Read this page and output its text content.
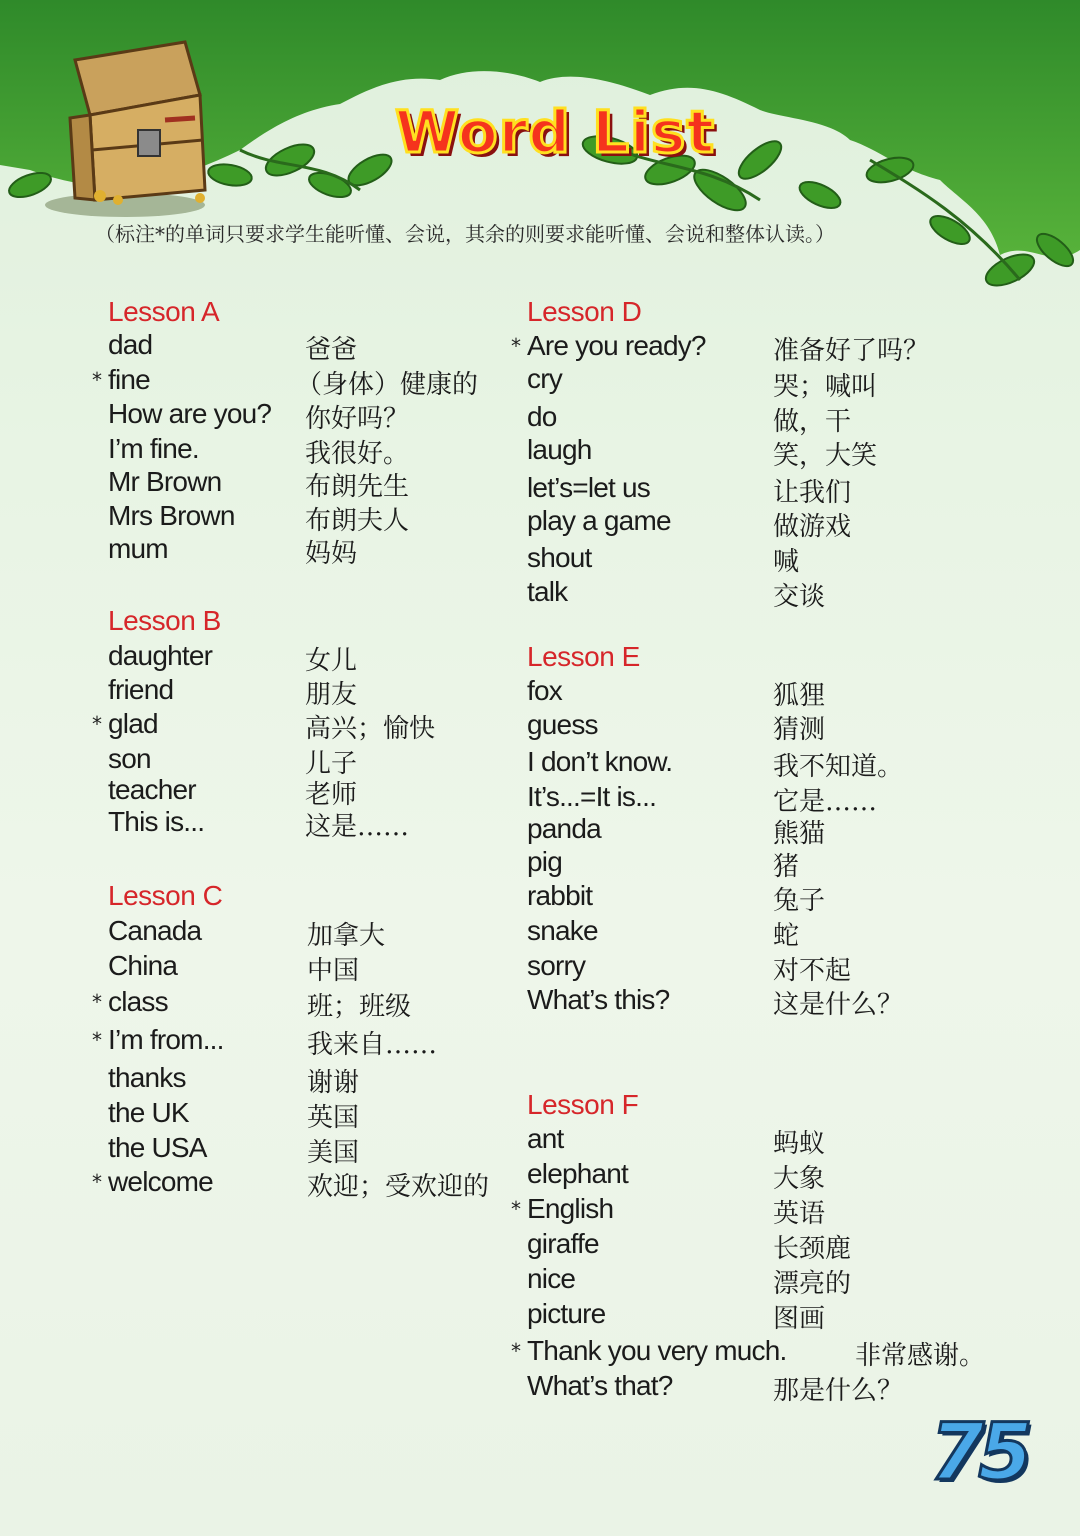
Word List
（标注*的单词只要求学生能听懂、会说，其余的则要求能听懂、会说和整体认读。）
Lesson A
dad	爸爸
* fine	（身体）健康的
How are you? 你好吗？
I’m fine.	我很好。
Mr Brown	布朗先生
Mrs Brown	布朗夫人
mum	妈妈
Lesson B
daughter	女儿
friend	朋友
* glad	高兴；愉快
son	儿子
teacher	老师
This is...	这是……
Lesson C
Canada	加拿大
China	中国
* class	班；班级
* I’m from...	我来自……
thanks	谢谢
the UK	英国
the USA	美国
* welcome	欢迎；受欢迎的
Lesson D
* Are you ready?	准备好了吗？
cry	哭；喊叫
do	做，干
laugh	笑，大笑
let’s=let us	让我们
play a game	做游戏
shout	喊
talk	交谈
Lesson E
fox	狐狸
guess	猜测
I don’t know.	我不知道。
It’s...=It is...	它是……
panda	熊猫
pig	猪
rabbit	兔子
snake	蛇
sorry	对不起
What’s this?	这是什么？
Lesson F
ant	蚂蚁
elephant	大象
* English	英语
giraffe	长颈鹿
nice	漂亮的
picture	图画
* Thank you very much.	非常感谢。
What’s that?	那是什么？
75
